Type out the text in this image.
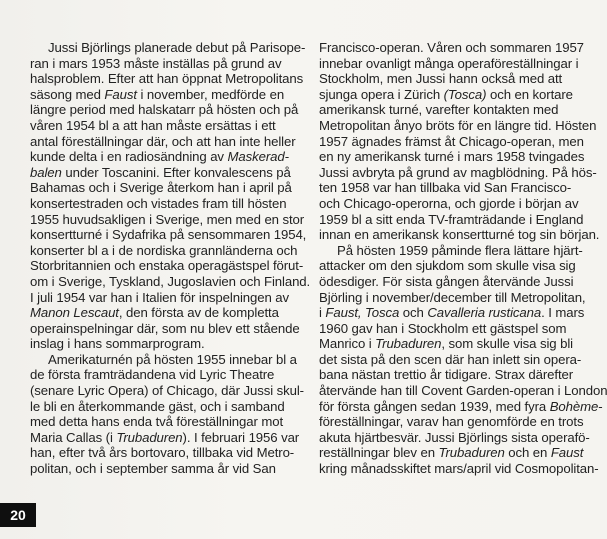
Jussi Björlings planerade debut på Parisope-
ran i mars 1953 måste inställas på grund av
halsproblem. Efter att han öppnat Metropolitans
säsong med Faust i november, medförde en
längre period med halskatarr på hösten och på
våren 1954 bl a att han måste ersättas i ett
antal föreställningar där, och att han inte heller
kunde delta i en radiosändning av Maskerad-
balen under Toscanini. Efter konvalescens på
Bahamas och i Sverige återkom han i april på
konsertestraden och vistades fram till hösten
1955 huvudsakligen i Sverige, men med en stor
konsertturné i Sydafrika på sensommaren 1954,
konserter bl a i de nordiska grannländerna och
Storbritannien och enstaka operagästspel förut-
om i Sverige, Tyskland, Jugoslavien och Finland.
I juli 1954 var han i Italien för inspelningen av
Manon Lescaut, den första av de kompletta
operainspelningar där, som nu blev ett stående
inslag i hans sommarprogram.

Amerikaturnén på hösten 1955 innebar bl a
de första framträdandena vid Lyric Theatre
(senare Lyric Opera) of Chicago, där Jussi skul-
le bli en återkommande gäst, och i samband
med detta hans enda två föreställningar mot
Maria Callas (i Trubaduren). I februari 1956 var
han, efter två års bortovaro, tillbaka vid Metro-
politan, och i september samma år vid San

Francisco-operan. Våren och sommaren 1957
innebar ovanligt många operaföreställningar i
Stockholm, men Jussi hann också med att
sjunga opera i Zürich (Tosca) och en kortare
amerikansk turné, varefter kontakten med
Metropolitan ånyo bröts för en längre tid. Hösten
1957 ägnades främst åt Chicago-operan, men
en ny amerikansk turné i mars 1958 tvingades
Jussi avbryta på grund av magblödning. På hös-
ten 1958 var han tillbaka vid San Francisco-
och Chicago-operorna, och gjorde i början av
1959 bl a sitt enda TV-framträdande i England
innan en amerikansk konsertturné tog sin början.

På hösten 1959 påminde flera lättare hjärt-
attacker om den sjukdom som skulle visa sig
ödesdiger. För sista gången återvände Jussi
Björling i november/december till Metropolitan,
i Faust, Tosca och Cavalleria rusticana. I mars
1960 gav han i Stockholm ett gästspel som
Manrico i Trubaduren, som skulle visa sig bli
det sista på den scen där han inlett sin opera-
bana nästan trettio år tidigare. Strax därefter
återvände han till Covent Garden-operan i London
för första gången sedan 1939, med fyra Bohème-
föreställningar, varav han genomförde en trots
akuta hjärtbesvär. Jussi Björlings sista operafö-
reställningar blev en Trubaduren och en Faust
kring månadsskiftet mars/april vid Cosmopolitan-

20
